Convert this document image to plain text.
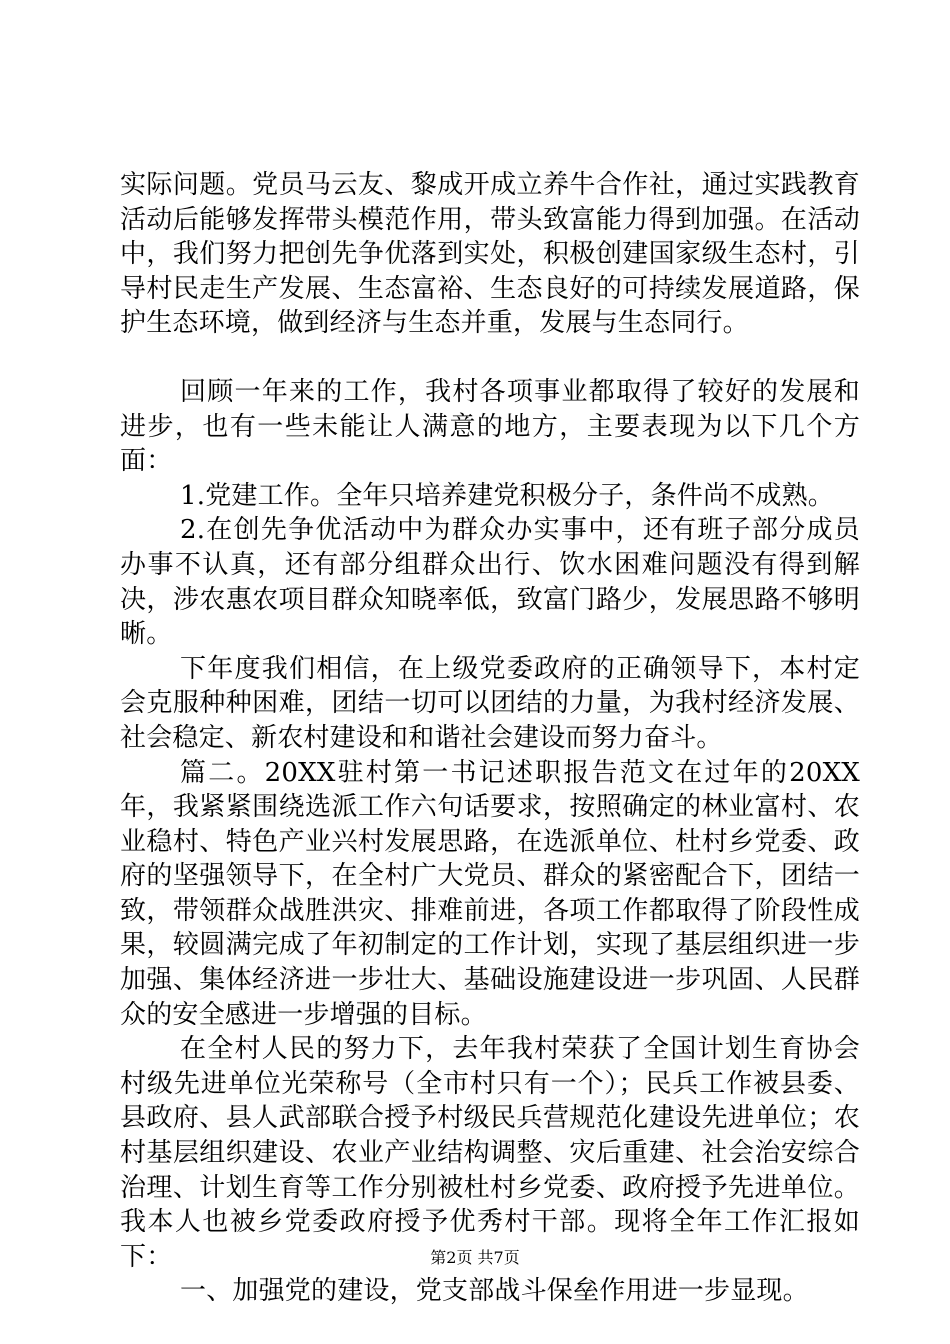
实际问题。党员马云友、黎成开成立养牛合作社，通过实践教育活动后能够发挥带头模范作用，带头致富能力得到加强。在活动中，我们努力把创先争优落到实处，积极创建国家级生态村，引导村民走生产发展、生态富裕、生态良好的可持续发展道路，保护生态环境，做到经济与生态并重，发展与生态同行。

回顾一年来的工作，我村各项事业都取得了较好的发展和进步，也有一些未能让人满意的地方，主要表现为以下几个方面：

1.党建工作。全年只培养建党积极分子，条件尚不成熟。

2.在创先争优活动中为群众办实事中，还有班子部分成员办事不认真，还有部分组群众出行、饮水困难问题没有得到解决，涉农惠农项目群众知晓率低，致富门路少，发展思路不够明晰。

下年度我们相信，在上级党委政府的正确领导下，本村定会克服种种困难，团结一切可以团结的力量，为我村经济发展、社会稳定、新农村建设和和谐社会建设而努力奋斗。

篇二。20XX驻村第一书记述职报告范文在过年的20XX年，我紧紧围绕选派工作六句话要求，按照确定的林业富村、农业稳村、特色产业兴村发展思路，在选派单位、杜村乡党委、政府的坚强领导下，在全村广大党员、群众的紧密配合下，团结一致，带领群众战胜洪灾、排难前进，各项工作都取得了阶段性成果，较圆满完成了年初制定的工作计划，实现了基层组织进一步加强、集体经济进一步壮大、基础设施建设进一步巩固、人民群众的安全感进一步增强的目标。

在全村人民的努力下，去年我村荣获了全国计划生育协会村级先进单位光荣称号（全市村只有一个）；民兵工作被县委、县政府、县人武部联合授予村级民兵营规范化建设先进单位；农村基层组织建设、农业产业结构调整、灾后重建、社会治安综合治理、计划生育等工作分别被杜村乡党委、政府授予先进单位。我本人也被乡党委政府授予优秀村干部。现将全年工作汇报如下：

一、加强党的建设，党支部战斗保垒作用进一步显现。

第2页 共7页
